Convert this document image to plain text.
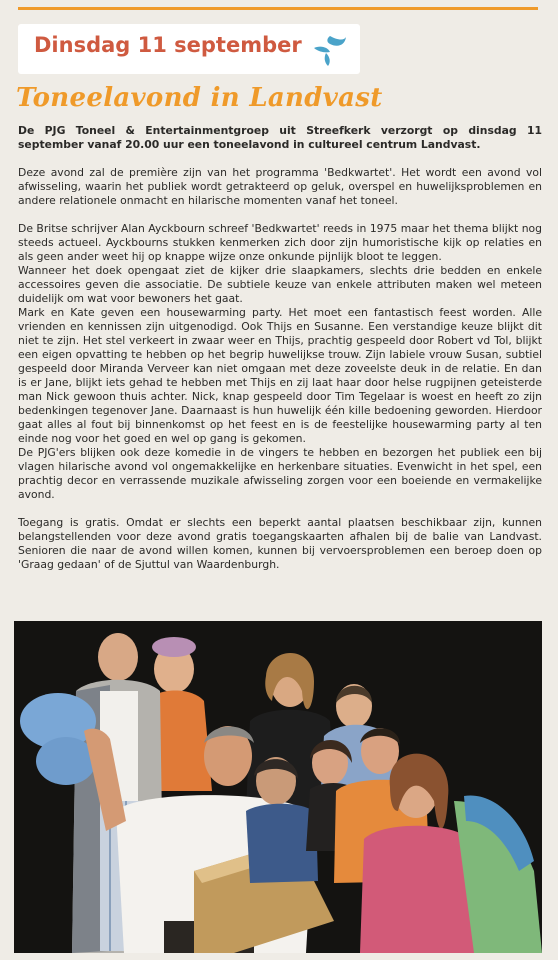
Dinsdag 11 september
Toneelavond in Landvast

De PJG Toneel & Entertainmentgroep uit Streefkerk verzorgt op dinsdag 11 september vanaf 20.00 uur een toneelavond in cultureel centrum Landvast.

Deze avond zal de première zijn van het programma 'Bedkwartet'. Het wordt een avond vol afwisseling, waarin het publiek wordt getrakteerd op geluk, overspel en huwelijksproblemen en andere relationele onmacht en hilarische momenten vanaf het toneel.

De Britse schrijver Alan Ayckbourn schreef 'Bedkwartet' reeds in 1975 maar het thema blijkt nog steeds actueel. Ayckbourns stukken kenmerken zich door zijn humoristische kijk op relaties en als geen ander weet hij op knappe wijze onze onkunde pijnlijk bloot te leggen.

Wanneer het doek opengaat ziet de kijker drie slaapkamers, slechts drie bedden en enkele accessoires geven die associatie. De subtiele keuze van enkele attributen maken wel meteen duidelijk om wat voor bewoners het gaat.

Mark en Kate geven een housewarming party. Het moet een fantastisch feest worden. Alle vrienden en kennissen zijn uitgenodigd. Ook Thijs en Susanne. Een verstandige keuze blijkt dit niet te zijn. Het stel verkeert in zwaar weer en Thijs, prachtig gespeeld door Robert vd Tol, blijkt een eigen opvatting te hebben op het begrip huwelijkse trouw. Zijn labiele vrouw Susan, subtiel gespeeld door Miranda Verveer kan niet omgaan met deze zoveelste deuk in de relatie. En dan is er Jane, blijkt iets gehad te hebben met Thijs en zij laat haar door helse rugpijnen geteisterde man Nick gewoon thuis achter. Nick, knap gespeeld door Tim Tegelaar is woest en heeft zo zijn bedenkingen tegenover Jane. Daarnaast is hun huwelijk één kille bedoening geworden. Hierdoor gaat alles al fout bij binnenkomst op het feest en is de feestelijke housewarming party al ten einde nog voor het goed en wel op gang is gekomen.

De PJG'ers blijken ook deze komedie in de vingers te hebben en bezorgen het publiek een bij vlagen hilarische avond vol ongemakkelijke en herkenbare situaties. Evenwicht in het spel, een prachtig decor en verrassende muzikale afwisseling zorgen voor een boeiende en vermakelijke avond.

Toegang is gratis. Omdat er slechts een beperkt aantal plaatsen beschikbaar zijn, kunnen belangstellenden voor deze avond gratis toegangskaarten afhalen bij de balie van Landvast. Senioren die naar de avond willen komen, kunnen bij vervoersproblemen een beroep doen op 'Graag gedaan' of de Sjuttul van Waardenburgh.
